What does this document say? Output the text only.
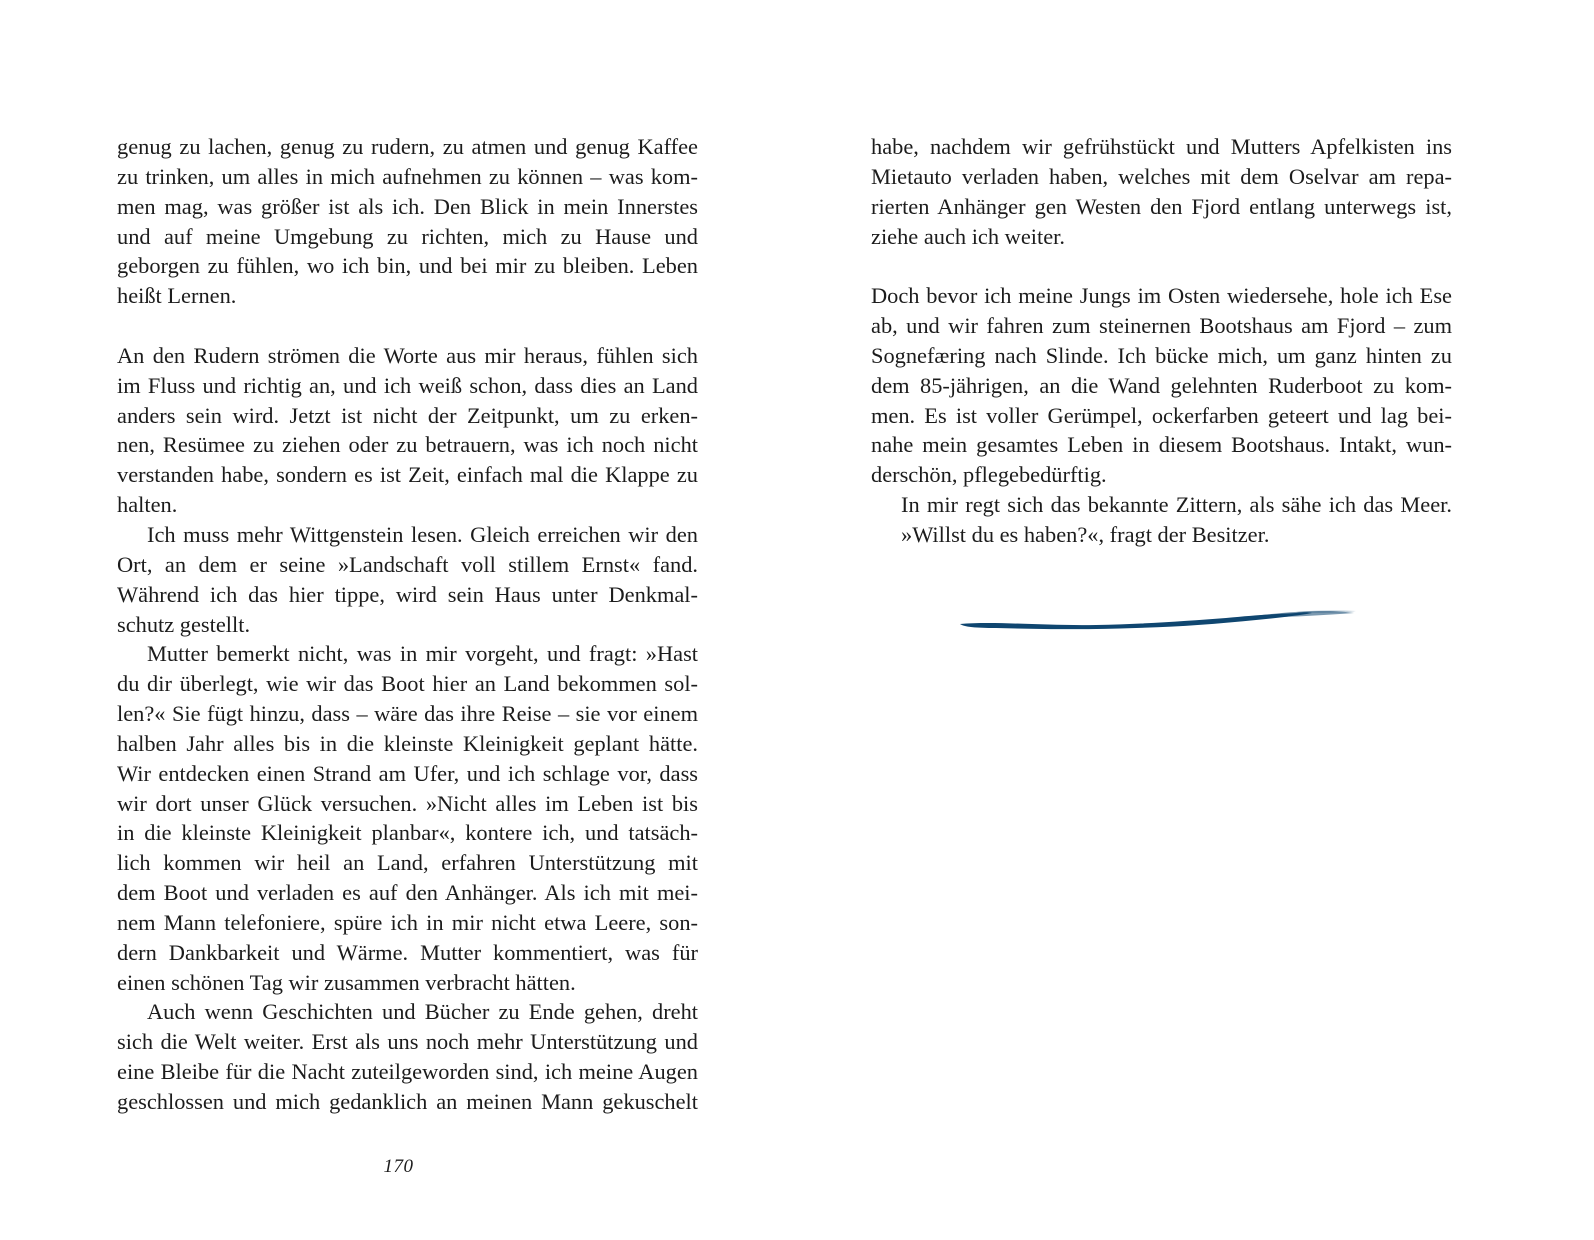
genug zu lachen, genug zu rudern, zu atmen und genug Kaffee
zu trinken, um alles in mich aufnehmen zu können – was kom-
men mag, was größer ist als ich. Den Blick in mein Innerstes
und auf meine Umgebung zu richten, mich zu Hause und
geborgen zu fühlen, wo ich bin, und bei mir zu bleiben. Leben
heißt Lernen.

An den Rudern strömen die Worte aus mir heraus, fühlen sich
im Fluss und richtig an, und ich weiß schon, dass dies an Land
anders sein wird. Jetzt ist nicht der Zeitpunkt, um zu erken-
nen, Resümee zu ziehen oder zu betrauern, was ich noch nicht
verstanden habe, sondern es ist Zeit, einfach mal die Klappe zu
halten.
Ich muss mehr Wittgenstein lesen. Gleich erreichen wir den
Ort, an dem er seine »Landschaft voll stillem Ernst« fand.
Während ich das hier tippe, wird sein Haus unter Denkmal-
schutz gestellt.
Mutter bemerkt nicht, was in mir vorgeht, und fragt: »Hast
du dir überlegt, wie wir das Boot hier an Land bekommen sol-
len?« Sie fügt hinzu, dass – wäre das ihre Reise – sie vor einem
halben Jahr alles bis in die kleinste Kleinigkeit geplant hätte.
Wir entdecken einen Strand am Ufer, und ich schlage vor, dass
wir dort unser Glück versuchen. »Nicht alles im Leben ist bis
in die kleinste Kleinigkeit planbar«, kontere ich, und tatsäch-
lich kommen wir heil an Land, erfahren Unterstützung mit
dem Boot und verladen es auf den Anhänger. Als ich mit mei-
nem Mann telefoniere, spüre ich in mir nicht etwa Leere, son-
dern Dankbarkeit und Wärme. Mutter kommentiert, was für
einen schönen Tag wir zusammen verbracht hätten.
Auch wenn Geschichten und Bücher zu Ende gehen, dreht
sich die Welt weiter. Erst als uns noch mehr Unterstützung und
eine Bleibe für die Nacht zuteilgeworden sind, ich meine Augen
geschlossen und mich gedanklich an meinen Mann gekuschelt
170
habe, nachdem wir gefrühstückt und Mutters Apfelkisten ins
Mietauto verladen haben, welches mit dem Oselvar am repa-
rierten Anhänger gen Westen den Fjord entlang unterwegs ist,
ziehe auch ich weiter.

Doch bevor ich meine Jungs im Osten wiedersehe, hole ich Ese
ab, und wir fahren zum steinernen Bootshaus am Fjord – zum
Sognefæring nach Slinde. Ich bücke mich, um ganz hinten zu
dem 85-jährigen, an die Wand gelehnten Ruderboot zu kom-
men. Es ist voller Gerümpel, ockerfarben geteert und lag bei-
nahe mein gesamtes Leben in diesem Bootshaus. Intakt, wun-
derschön, pflegebedürftig.
In mir regt sich das bekannte Zittern, als sähe ich das Meer.
»Willst du es haben?«, fragt der Besitzer.
